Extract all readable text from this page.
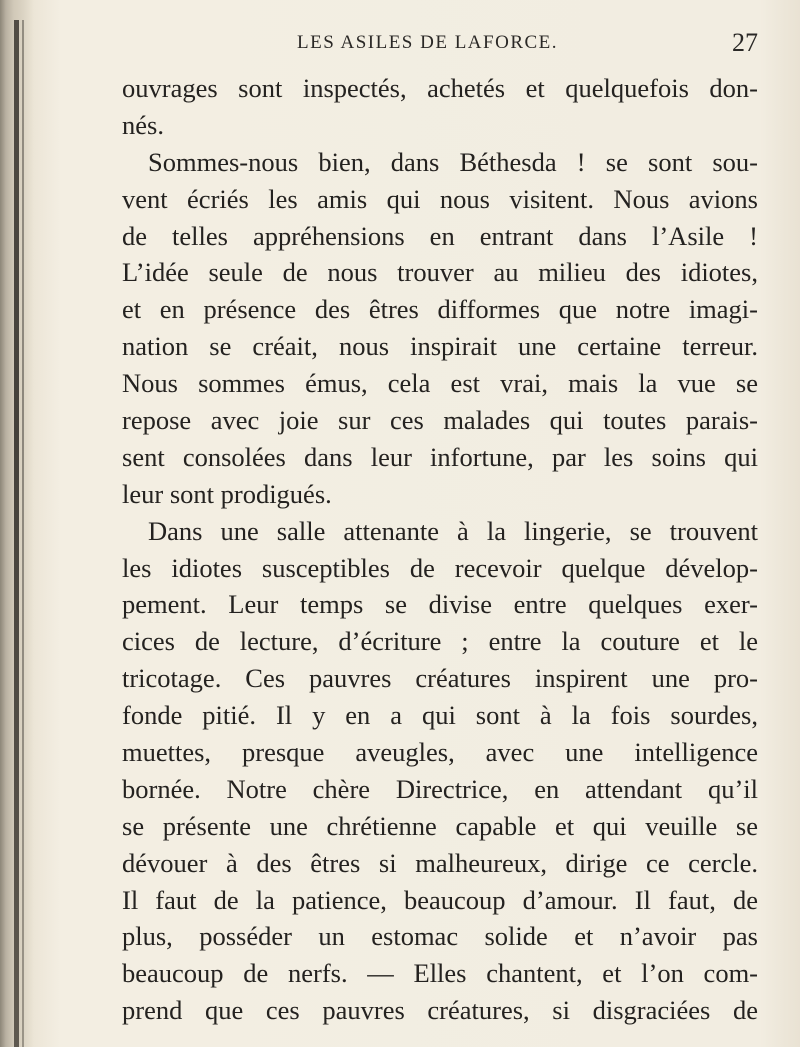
LES ASILES DE LAFORCE.	27
ouvrages sont inspectés, achetés et quelquefois don-
nés.
Sommes-nous bien, dans Béthesda ! se sont sou-
vent écriés les amis qui nous visitent. Nous avions
de telles appréhensions en entrant dans l’Asile !
L’idée seule de nous trouver au milieu des idiotes,
et en présence des êtres difformes que notre imagi-
nation se créait, nous inspirait une certaine terreur.
Nous sommes émus, cela est vrai, mais la vue se
repose avec joie sur ces malades qui toutes parais-
sent consolées dans leur infortune, par les soins qui
leur sont prodigués.
Dans une salle attenante à la lingerie, se trouvent
les idiotes susceptibles de recevoir quelque dévelop-
pement. Leur temps se divise entre quelques exer-
cices de lecture, d’écriture ; entre la couture et le
tricotage. Ces pauvres créatures inspirent une pro-
fonde pitié. Il y en a qui sont à la fois sourdes,
muettes, presque aveugles, avec une intelligence
bornée. Notre chère Directrice, en attendant qu’il
se présente une chrétienne capable et qui veuille se
dévouer à des êtres si malheureux, dirige ce cercle.
Il faut de la patience, beaucoup d’amour. Il faut, de
plus, posséder un estomac solide et n’avoir pas
beaucoup de nerfs. — Elles chantent, et l’on com-
prend que ces pauvres créatures, si disgraciées de
